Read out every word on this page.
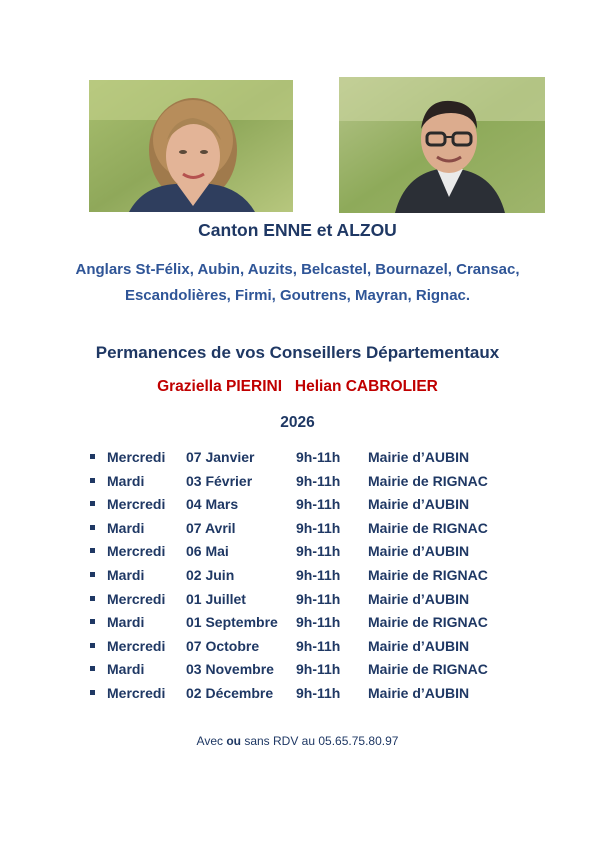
Canton ENNE et ALZOU
Anglars St-Félix, Aubin, Auzits, Belcastel, Bournazel, Cransac, Escandolières, Firmi, Goutrens, Mayran, Rignac.
Permanences de vos Conseillers Départementaux
Graziella PIERINI   Helian CABROLIER
2026
Mercredi 07 Janvier	9h-11h Mairie d’AUBIN
Mardi	03 Février	9h-11h Mairie de RIGNAC
Mercredi 04 Mars	9h-11h Mairie d’AUBIN
Mardi	07 Avril	9h-11h Mairie de RIGNAC
Mercredi 06 Mai	9h-11h Mairie d’AUBIN
Mardi	02 Juin	9h-11h Mairie de RIGNAC
Mercredi 01 Juillet	9h-11h Mairie d’AUBIN
Mardi	01 Septembre 9h-11h Mairie de RIGNAC
Mercredi 07 Octobre	9h-11h Mairie d’AUBIN
Mardi	03 Novembre 9h-11h Mairie de RIGNAC
Mercredi 02 Décembre 9h-11h Mairie d’AUBIN
Avec ou sans RDV au 05.65.75.80.97
